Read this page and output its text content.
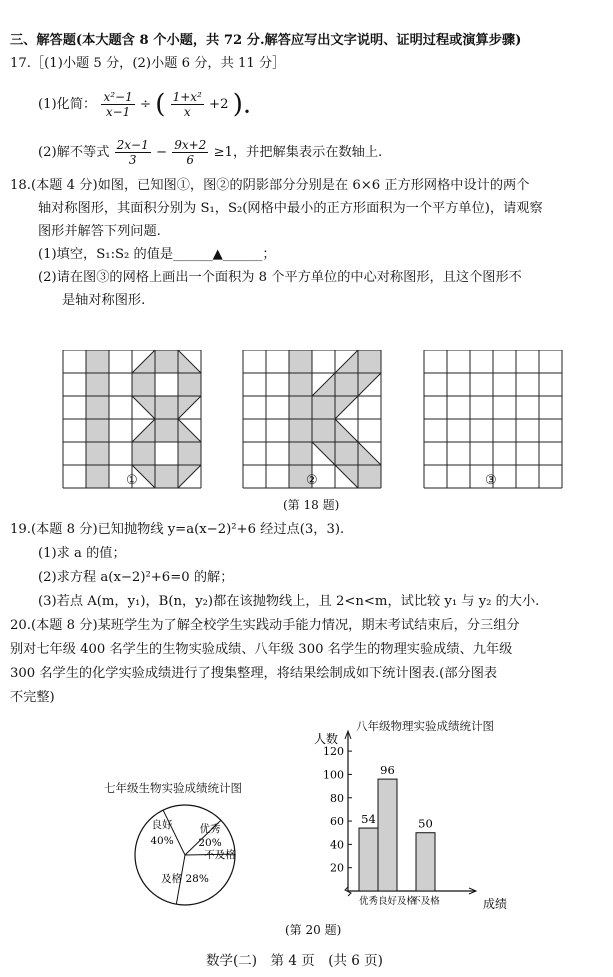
三、解答题(本大题含 8 个小题，共 72 分.解答应写出文字说明、证明过程或演算步骤)
17.［(1)小题 5 分，(2)小题 6 分，共 11 分］
(1)化简： $\frac{\text{x²−1}}{x-1}$ ÷ ( $\frac{\text{1+x²}}{x} +2$ ).
(2)解不等式 $\frac{2x-1}{3} - \frac{9x+2}{6} \ge 1$，并把解集表示在数轴上.
18.(本题 4 分)如图，已知图①，图②的阴影部分分别是在 6×6 正方形网格中设计的两个
轴对称图形，其面积分别为 S₁，S₂(网格中最小的正方形面积为一个平方单位)，请观察
图形并解答下列问题.
(1)填空，S₁:S₂ 的值是______▲______；
(2)请在图③的网格上画出一个面积为 8 个平方单位的中心对称图形，且这个图形不
是轴对称图形.
①	②	③
(第 18 题)
19.(本题 8 分)已知抛物线 y=a(x−2)²+6 经过点(3，3).
(1)求 a 的值；
(2)求方程 a(x−2)²+6=0 的解；
(3)若点 A(m，y₁)，B(n，y₂)都在该抛物线上，且 2<n<m，试比较 y₁ 与 y₂ 的大小.
20.(本题 8 分)某班学生为了解全校学生实践动手能力情况，期末考试结束后，分三组分
别对七年级 400 名学生的生物实验成绩、八年级 300 名学生的物理实验成绩、九年级
300 名学生的化学实验成绩进行了搜集整理，将结果绘制成如下统计图表.(部分图表
不完整)
七年级生物实验成绩统计图
良好
40%
优秀
20%
不及格
及格 28%
八年级物理实验成绩统计图
人数
成绩
20
40
60
80
100
120
54
优秀
96
良好 及格
50
不及格
(第 20 题)
数学(二)　第 4 页　(共 6 页)
